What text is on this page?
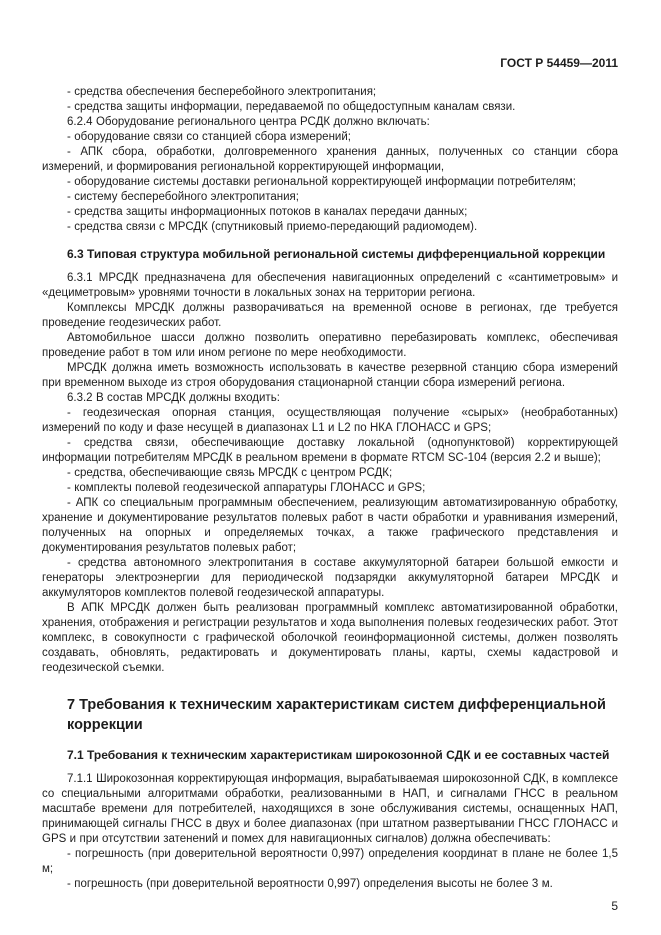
ГОСТ Р 54459—2011

- средства обеспечения бесперебойного электропитания;

- средства защиты информации, передаваемой по общедоступным каналам связи.

6.2.4 Оборудование регионального центра РСДК должно включать:

- оборудование связи со станцией сбора измерений;

- АПК сбора, обработки, долговременного хранения данных, полученных со станции сбора измерений, и формирования региональной корректирующей информации,

- оборудование системы доставки региональной корректирующей информации потребителям;

- систему бесперебойного электропитания;

- средства защиты информационных потоков в каналах передачи данных;

- средства связи с МРСДК (спутниковый приемо-передающий радиомодем).

6.3 Типовая структура мобильной региональной системы дифференциальной коррекции

6.3.1 МРСДК предназначена для обеспечения навигационных определений с «сантиметровым» и «дециметровым» уровнями точности в локальных зонах на территории региона.

Комплексы МРСДК должны разворачиваться на временной основе в регионах, где требуется проведение геодезических работ.

Автомобильное шасси должно позволить оперативно перебазировать комплекс, обеспечивая проведение работ в том или ином регионе по мере необходимости.

МРСДК должна иметь возможность использовать в качестве резервной станцию сбора измерений при временном выходе из строя оборудования стационарной станции сбора измерений региона.

6.3.2 В состав МРСДК должны входить:

- геодезическая опорная станция, осуществляющая получение «сырых» (необработанных) измерений по коду и фазе несущей в диапазонах L1 и L2 по НКА ГЛОНАСС и GPS;

- средства связи, обеспечивающие доставку локальной (однопунктовой) корректирующей информации потребителям МРСДК в реальном времени в формате RTCM SC-104 (версия 2.2 и выше);

- средства, обеспечивающие связь МРСДК с центром РСДК;

- комплекты полевой геодезической аппаратуры ГЛОНАСС и GPS;

- АПК со специальным программным обеспечением, реализующим автоматизированную обработку, хранение и документирование результатов полевых работ в части обработки и уравнивания измерений, полученных на опорных и определяемых точках, а также графического представления и документирования результатов полевых работ;

- средства автономного электропитания в составе аккумуляторной батареи большой емкости и генераторы электроэнергии для периодической подзарядки аккумуляторной батареи МРСДК и аккумуляторов комплектов полевой геодезической аппаратуры.

В АПК МРСДК должен быть реализован программный комплекс автоматизированной обработки, хранения, отображения и регистрации результатов и хода выполнения полевых геодезических работ. Этот комплекс, в совокупности с графической оболочкой геоинформационной системы, должен позволять создавать, обновлять, редактировать и документировать планы, карты, схемы кадастровой и геодезической съемки.

7 Требования к техническим характеристикам систем дифференциальной коррекции
7.1 Требования к техническим характеристикам широкозонной СДК и ее составных частей

7.1.1 Широкозонная корректирующая информация, вырабатываемая широкозонной СДК, в комплексе со специальными алгоритмами обработки, реализованными в НАП, и сигналами ГНСС в реальном масштабе времени для потребителей, находящихся в зоне обслуживания системы, оснащенных НАП, принимающей сигналы ГНСС в двух и более диапазонах (при штатном развертывании ГНСС ГЛОНАСС и GPS и при отсутствии затенений и помех для навигационных сигналов) должна обеспечивать:

- погрешность (при доверительной вероятности 0,997) определения координат в плане не более 1,5 м;

- погрешность (при доверительной вероятности 0,997) определения высоты не более 3 м.

5
